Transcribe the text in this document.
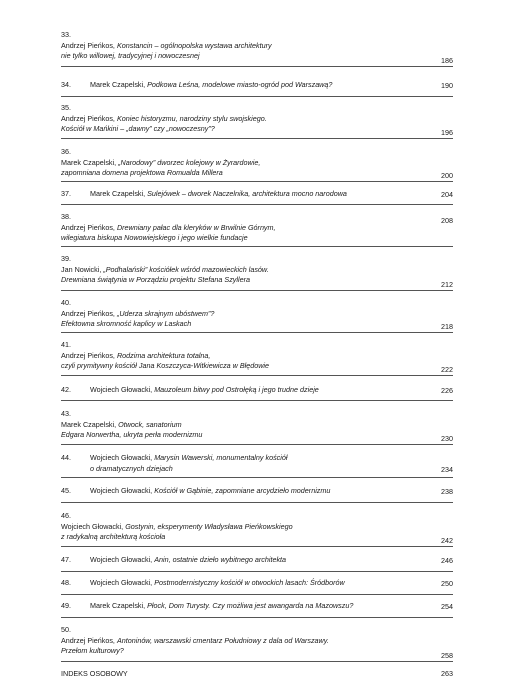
33.
Andrzej Pieńkos, Konstancin – ogólnopolska wystawa architektury
nie tylko willowej, tradycyjnej i nowoczesnej	186
34.	Marek Czapelski, Podkowa Leśna, modelowe miasto-ogród pod Warszawą?	190
35.
Andrzej Pieńkos, Koniec historyzmu, narodziny stylu swojskiego.
Kościół w Mańkini – „dawny” czy „nowoczesny”?	196
36.
Marek Czapelski, „Narodowy” dworzec kolejowy w Żyrardowie,
zapomniana domena projektowa Romualda Millera	200
37.	Marek Czapelski, Sulejówek – dworek Naczelnika, architektura mocno narodowa	204
38.
Andrzej Pieńkos, Drewniany pałac dla kleryków w Brwilnie Górnym,
wilegiatura biskupa Nowowiejskiego i jego wielkie fundacje
208
39.
Jan Nowicki, „Podhalański” kościółek wśród mazowieckich lasów.
Drewniana świątynia w Porządziu projektu Stefana Szyllera	212
40.
Andrzej Pieńkos, „Uderza skrajnym ubóstwem”?
Efektowna skromność kaplicy w Laskach	218
41.
Andrzej Pieńkos, Rodzima architektura totalna,
czyli prymitywny kościół Jana Koszczyca-Witkiewicza w Błędowie	222
42.	Wojciech Głowacki, Mauzoleum bitwy pod Ostrołęką i jego trudne dzieje	226
43.
Marek Czapelski, Otwock, sanatorium
Edgara Norwertha, ukryta perła modernizmu	230
44.	Wojciech Głowacki, Marysin Wawerski, monumentalny kościół
o dramatycznych dziejach	234
45.	Wojciech Głowacki, Kościół w Gąbinie, zapomniane arcydzieło modernizmu	238
46.
Wojciech Głowacki, Gostynin, eksperymenty Władysława Pieńkowskiego
z radykalną architekturą kościoła	242
47.	Wojciech Głowacki, Anin, ostatnie dzieło wybitnego architekta	246
48.	Wojciech Głowacki, Postmodernistyczny kościół w otwockich lasach: Śródborów	250
49.	Marek Czapelski, Płock, Dom Turysty. Czy możliwa jest awangarda na Mazowszu?	254
50.
Andrzej Pieńkos, Antoninów, warszawski cmentarz Południowy z dala od Warszawy.
Przełom kulturowy?	258
INDEKS OSOBOWY	263
